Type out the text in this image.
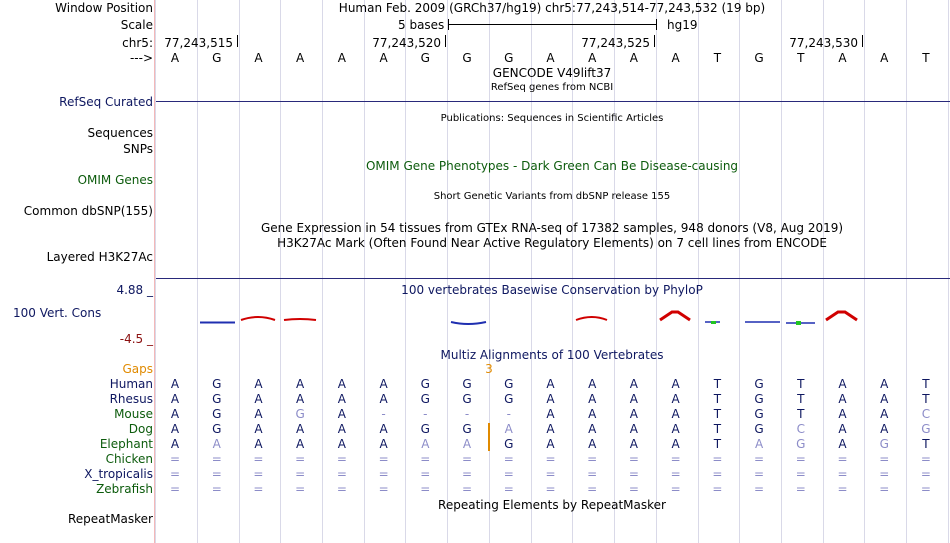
Window Position	Human Feb. 2009 (GRCh37/hg19) chr5:77,243,514-77,243,532 (19 bp)
Scale	5 bases	hg19
chr5: 77,243,515	77,243,520	77,243,525	77,243,530
---> A	G	A	A	A	A	G	G	G	A	A	A	A	T	G	T	A	A	T
GENCODE V49lift37
RefSeq genes from NCBI
RefSeq Curated
Publications: Sequences in Scientific Articles
Sequences
SNPs
OMIM Gene Phenotypes - Dark Green Can Be Disease-causing
OMIM Genes
Short Genetic Variants from dbSNP release 155
Common dbSNP(155)
Gene Expression in 54 tissues from GTEx RNA-seq of 17382 samples, 948 donors (V8, Aug 2019)
H3K27Ac Mark (Often Found Near Active Regulatory Elements) on 7 cell lines from ENCODE
Layered H3K27Ac
4.88 _	100 vertebrates Basewise Conservation by PhyloP
100 Vert. Cons
-4.5 _
Multiz Alignments of 100 Vertebrates
Gaps	3
Human A	G	A	A	A	A	G	G	G	A	A	A	A	T	G	T	A	A	T
Rhesus A	G	A	A	A	A	G	G	G	A	A	A	A	T	G	T	A	A	T
Mouse A	G	A	G	A	-	-	-	-	A	A	A	A	T	G	T	A	A	C
Dog A	G	A	A	A	A	G	G	A	A	A	A	A	T	G	C	A	A	G
Elephant A	A	A	A	A	A	A	A	G	A	A	A	A	T	A	G	A	G	T
Chicken =	=	=	=	=	=	=	=	=	=	=	=	=	=	=	=	=	=	=
X_tropicalis =	=	=	=	=	=	=	=	=	=	=	=	=	=	=	=	=	=	=
Zebrafish =	=	=	=	=	=	=	=	=	=	=	=	=	=	=	=	=	=	=
Repeating Elements by RepeatMasker
RepeatMasker
